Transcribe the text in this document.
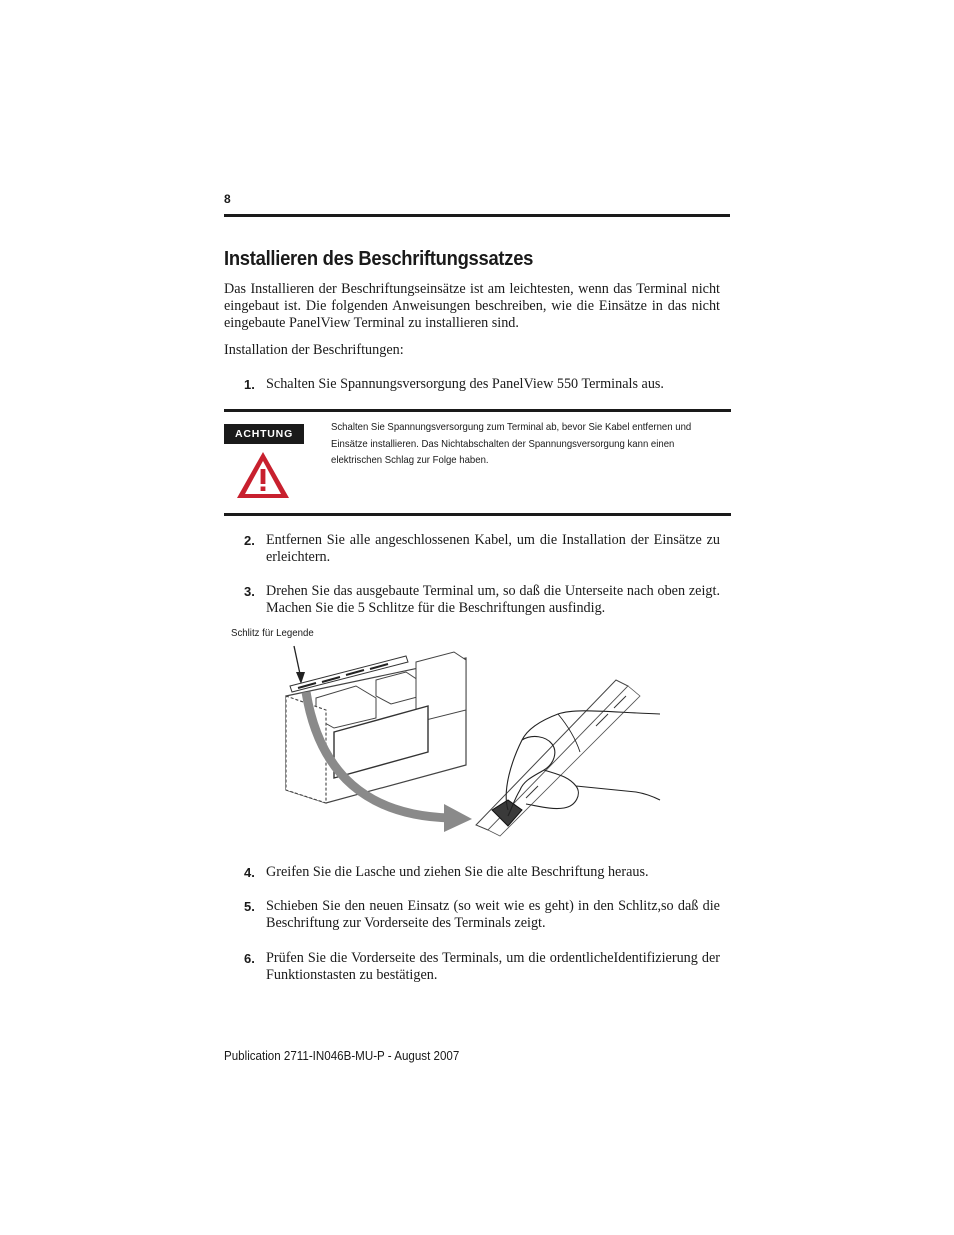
8
Installieren des Beschriftungssatzes
Das Installieren der Beschriftungseinsätze ist am leichtesten, wenn das Terminal nicht eingebaut ist. Die folgenden Anweisungen beschreiben, wie die Einsätze in das nicht eingebaute PanelView Terminal zu installieren sind.
Installation der Beschriftungen:
1. Schalten Sie Spannungsversorgung des PanelView 550 Terminals aus.
ACHTUNG
Schalten Sie Spannungsversorgung zum Terminal ab, bevor Sie Kabel entfernen und Einsätze installieren. Das Nichtabschalten der Spannungsversorgung kann einen elektrischen Schlag zur Folge haben.
2. Entfernen Sie alle angeschlossenen Kabel, um die Installation der Einsätze zu erleichtern.
3. Drehen Sie das ausgebaute Terminal um, so daß die Unterseite nach oben zeigt. Machen Sie die 5 Schlitze für die Beschriftungen ausfindig.
Schlitz für Legende
4. Greifen Sie die Lasche und ziehen Sie die alte Beschriftung heraus.
5. Schieben Sie den neuen Einsatz (so weit wie es geht) in den Schlitz,so daß die Beschriftung zur Vorderseite des Terminals zeigt.
6. Prüfen Sie die Vorderseite des Terminals, um die ordentlicheIdentifizierung der Funktionstasten zu bestätigen.
Publication 2711-IN046B-MU-P - August 2007
